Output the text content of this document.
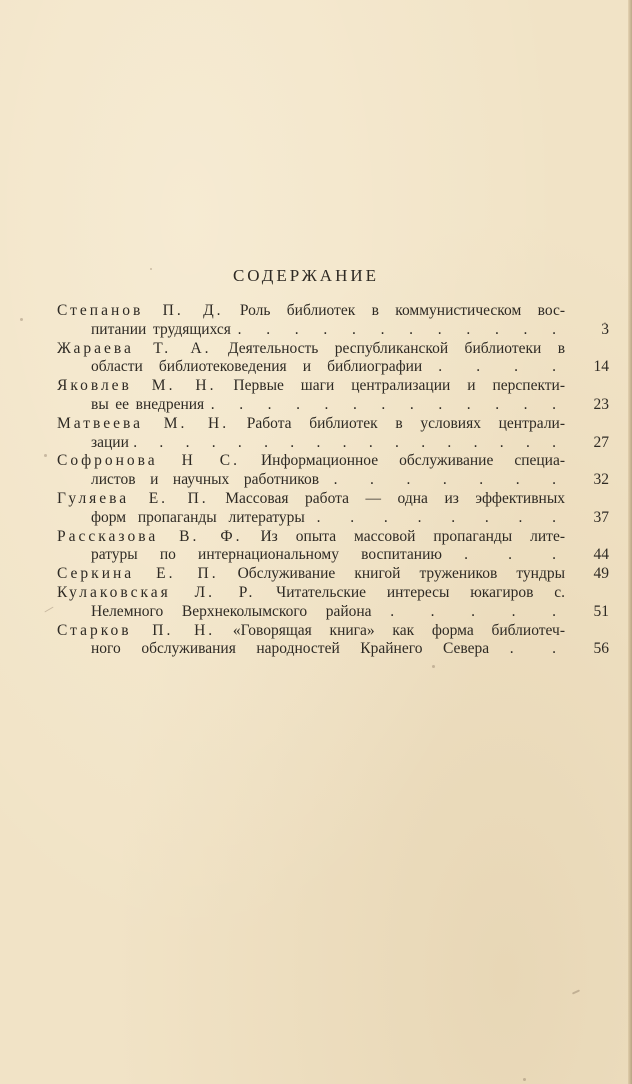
СОДЕРЖАНИЕ
Степанов П. Д. Роль библиотек в коммунистическом вос-
питании трудящихся . . . . . . . . . . . .	3
Жараева Т. А. Деятельность республиканской библиотеки в
области библиотековедения и библиографии . . . .	14
Яковлев М. Н. Первые шаги централизации и перспекти-
вы ее внедрения . . . . . . . . . . . . .	23
Матвеева М. Н. Работа библиотек в условиях централи-
зации . . . . . . . . . . . . . . . . .	27
Софронова Н С. Информационное обслуживание специа-
листов и научных работников . . . . . . .	32
Гуляева Е. П. Массовая работа — одна из эффективных
форм пропаганды литературы . . . . . . . .	37
Рассказова В. Ф. Из опыта массовой пропаганды лите-
ратуры по интернациональному воспитанию . . .	44
Серкина Е. П. Обслуживание книгой тружеников тундры	49
Кулаковская Л. Р. Читательские интересы юкагиров с.
Нелемного Верхнеколымского района . . . . .	51
Старков П. Н. «Говорящая книга» как форма библиотеч-
ного обслуживания народностей Крайнего Севера . .	56
